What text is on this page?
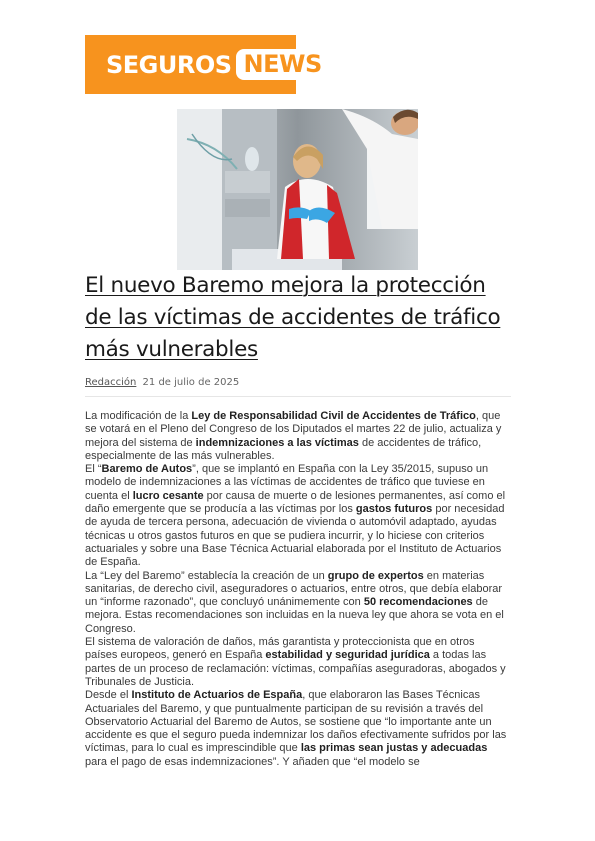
SEGUROS NEWS
El nuevo Baremo mejora la protección de las víctimas de accidentes de tráfico más vulnerables
Redacción 21 de julio de 2025

La modificación de la Ley de Responsabilidad Civil de Accidentes de Tráfico, que se votará en el Pleno del Congreso de los Diputados el martes 22 de julio, actualiza y mejora del sistema de indemnizaciones a las víctimas de accidentes de tráfico, especialmente de las más vulnerables.

El “Baremo de Autos”, que se implantó en España con la Ley 35/2015, supuso un modelo de indemnizaciones a las víctimas de accidentes de tráfico que tuviese en cuenta el lucro cesante por causa de muerte o de lesiones permanentes, así como el daño emergente que se producía a las víctimas por los gastos futuros por necesidad de ayuda de tercera persona, adecuación de vivienda o automóvil adaptado, ayudas técnicas u otros gastos futuros en que se pudiera incurrir, y lo hiciese con criterios actuariales y sobre una Base Técnica Actuarial elaborada por el Instituto de Actuarios de España.

La “Ley del Baremo” establecía la creación de un grupo de expertos en materias sanitarias, de derecho civil, aseguradores o actuarios, entre otros, que debía elaborar un “informe razonado”, que concluyó unánimemente con 50 recomendaciones de mejora. Estas recomendaciones son incluidas en la nueva ley que ahora se vota en el Congreso.

El sistema de valoración de daños, más garantista y proteccionista que en otros países europeos, generó en España estabilidad y seguridad jurídica a todas las partes de un proceso de reclamación: víctimas, compañías aseguradoras, abogados y Tribunales de Justicia.

Desde el Instituto de Actuarios de España, que elaboraron las Bases Técnicas Actuariales del Baremo, y que puntualmente participan de su revisión a través del Observatorio Actuarial del Baremo de Autos, se sostiene que “lo importante ante un accidente es que el seguro pueda indemnizar los daños efectivamente sufridos por las víctimas, para lo cual es imprescindible que las primas sean justas y adecuadas para el pago de esas indemnizaciones”. Y añaden que “el modelo se
